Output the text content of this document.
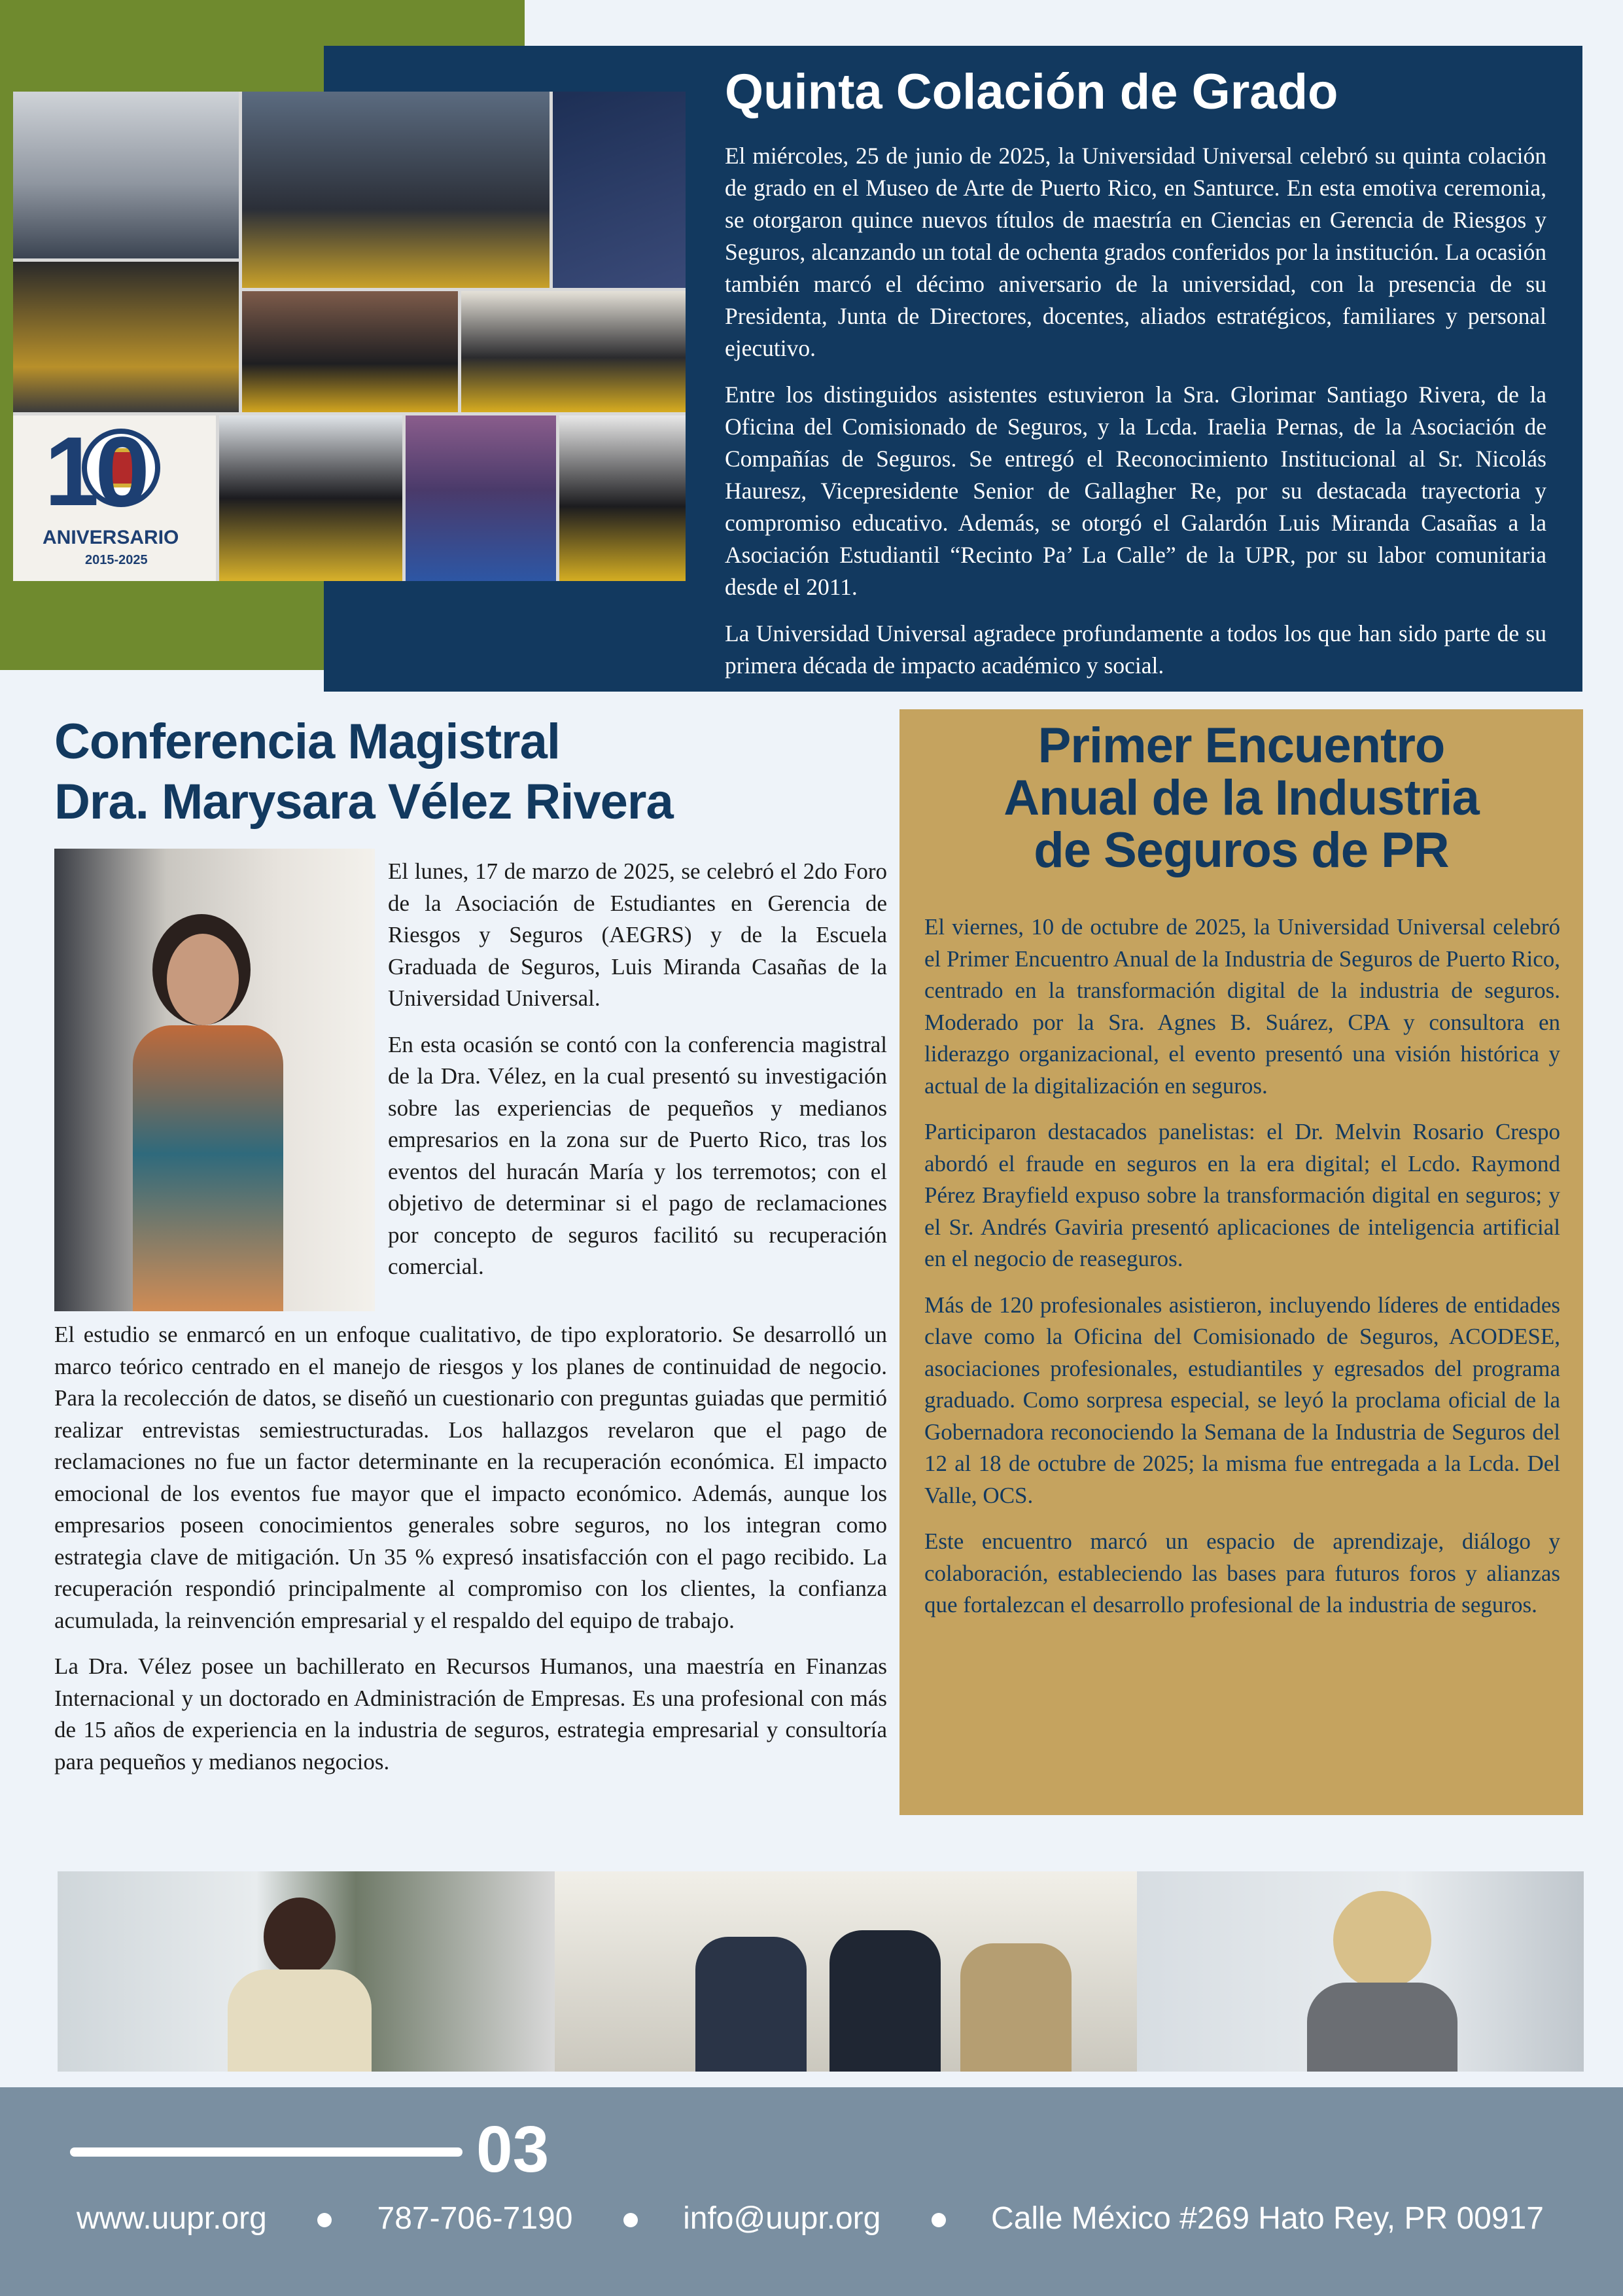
10
ANIVERSARIO
2015-2025
Quinta Colación de Grado

El miércoles, 25 de junio de 2025, la Universidad Universal celebró su quinta colación de grado en el Museo de Arte de Puerto Rico, en Santurce. En esta emotiva ceremonia, se otorgaron quince nuevos títulos de maestría en Ciencias en Gerencia de Riesgos y Seguros, alcanzando un total de ochenta grados conferidos por la institución. La ocasión también marcó el décimo aniversario de la universidad, con la presencia de su Presidenta, Junta de Directores, docentes, aliados estratégicos, familiares y personal ejecutivo.

Entre los distinguidos asistentes estuvieron la Sra. Glorimar Santiago Rivera, de la Oficina del Comisionado de Seguros, y la Lcda. Iraelia Pernas, de la Asociación de Compañías de Seguros. Se entregó el Reconocimiento Institucional al Sr. Nicolás Hauresz, Vicepresidente Senior de Gallagher Re, por su destacada trayectoria y compromiso educativo. Además, se otorgó el Galardón Luis Miranda Casañas a la Asociación Estudiantil “Recinto Pa’ La Calle” de la UPR, por su labor comunitaria desde el 2011.

La Universidad Universal agradece profundamente a todos los que han sido parte de su primera década de impacto académico y social.

Conferencia Magistral
Dra. Marysara Vélez Rivera

El lunes, 17 de marzo de 2025, se celebró el 2do Foro de la Asociación de Estudiantes en Gerencia de Riesgos y Seguros (AEGRS) y de la Escuela Graduada de Seguros, Luis Miranda Casañas de la Universidad Universal.

En esta ocasión se contó con la conferencia magistral de la Dra. Vélez, en la cual presentó su investigación sobre las experiencias de pequeños y medianos empresarios en la zona sur de Puerto Rico, tras los eventos del huracán María y los terremotos; con el objetivo de determinar si el pago de reclamaciones por concepto de seguros facilitó su recuperación comercial.

El estudio se enmarcó en un enfoque cualitativo, de tipo exploratorio. Se desarrolló un marco teórico centrado en el manejo de riesgos y los planes de continuidad de negocio. Para la recolección de datos, se diseñó un cuestionario con preguntas guiadas que permitió realizar entrevistas semiestructuradas. Los hallazgos revelaron que el pago de reclamaciones no fue un factor determinante en la recuperación económica. El impacto emocional de los eventos fue mayor que el impacto económico. Además, aunque los empresarios poseen conocimientos generales sobre seguros, no los integran como estrategia clave de mitigación. Un 35 % expresó insatisfacción con el pago recibido. La recuperación respondió principalmente al compromiso con los clientes, la confianza acumulada, la reinvención empresarial y el respaldo del equipo de trabajo.

La Dra. Vélez posee un bachillerato en Recursos Humanos, una maestría en Finanzas Internacional y un doctorado en Administración de Empresas. Es una profesional con más de 15 años de experiencia en la industria de seguros, estrategia empresarial y consultoría para pequeños y medianos negocios.

Primer Encuentro
Anual de la Industria
de Seguros de PR

El viernes, 10 de octubre de 2025, la Universidad Universal celebró el Primer Encuentro Anual de la Industria de Seguros de Puerto Rico, centrado en la transformación digital de la industria de seguros. Moderado por la Sra. Agnes B. Suárez, CPA y consultora en liderazgo organizacional, el evento presentó una visión histórica y actual de la digitalización en seguros.

Participaron destacados panelistas: el Dr. Melvin Rosario Crespo abordó el fraude en seguros en la era digital; el Lcdo. Raymond Pérez Brayfield expuso sobre la transformación digital en seguros; y el Sr. Andrés Gaviria presentó aplicaciones de inteligencia artificial en el negocio de reaseguros.

Más de 120 profesionales asistieron, incluyendo líderes de entidades clave como la Oficina del Comisionado de Seguros, ACODESE, asociaciones profesionales, estudiantiles y egresados del programa graduado. Como sorpresa especial, se leyó la proclama oficial de la Gobernadora reconociendo la Semana de la Industria de Seguros del 12 al 18 de octubre de 2025; la misma fue entregada a la Lcda. Del Valle, OCS.

Este encuentro marcó un espacio de aprendizaje, diálogo y colaboración, estableciendo las bases para futuros foros y alianzas que fortalezcan el desarrollo profesional de la industria de seguros.

03
www.uupr.org	787-706-7190	info@uupr.org	Calle México #269 Hato Rey, PR 00917
